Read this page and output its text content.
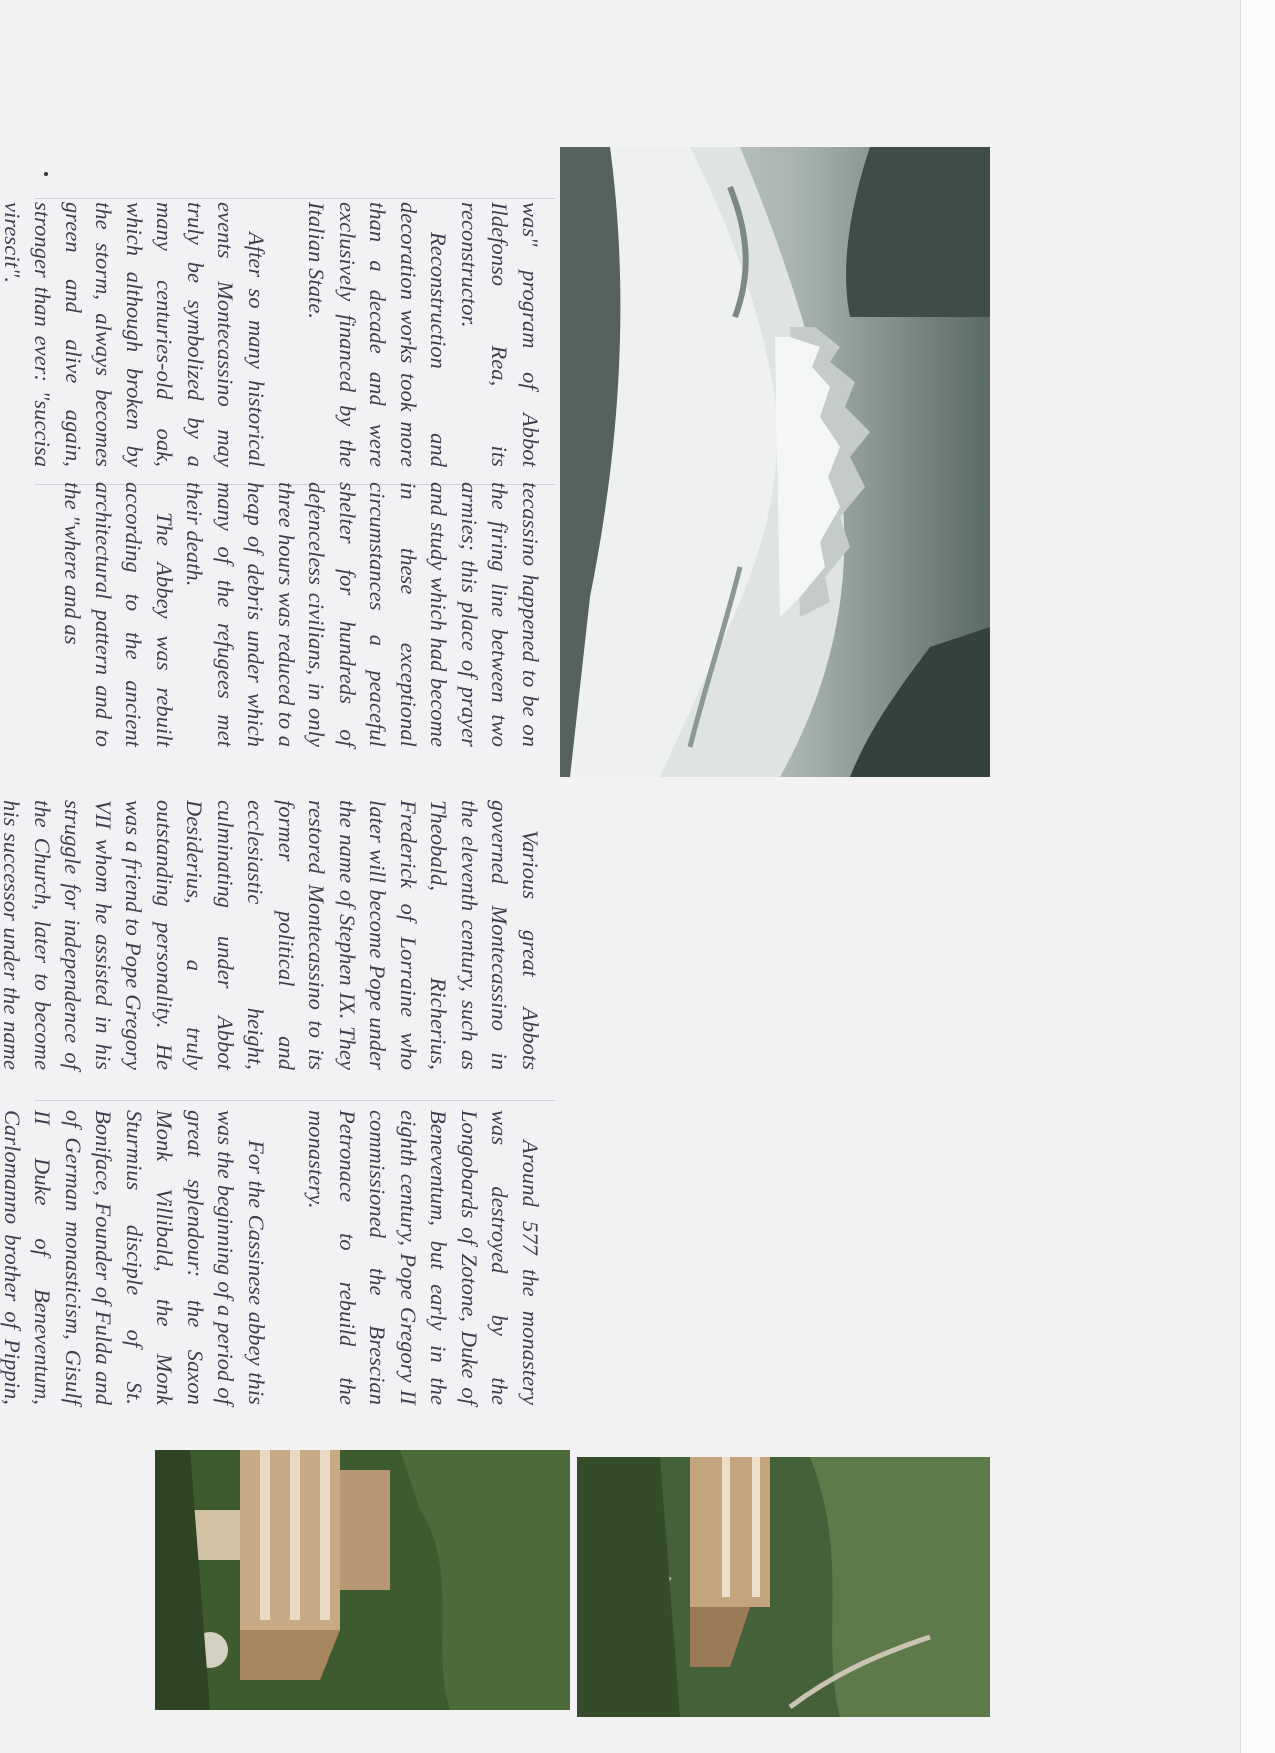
Around 577 the monastery was destroyed by the Longobards of Zotone, Duke of Beneventum, but early in the eighth century, Pope Gregory II commissioned the Brescian Petronace to rebuild the monastery.

For the Cassinese abbey this was the beginning of a period of great splendour: the Saxon Monk Villibald, the Monk Sturmius disciple of St. Boniface, Founder of Fulda and of German monasticism, Gisulf II Duke of Beneventum, Carlomanno brother of Pippin,

Various great Abbots governed Montecassino in the eleventh century, such as Theobald, Richerius, Frederick of Lorraine who later will become Pope under the name of Stephen IX. They restored Montecassino to its former political and ecclesiastic height, culminating under Abbot Desiderius, a truly outstanding personality. He was a friend to Pope Gregory VII whom he assisted in his struggle for independence of the Church, later to become his successor under the name

tecassino happened to be on the firing line between two armies; this place of prayer and study which had become in these exceptional circumstances a peaceful shelter for hundreds of defenceless civilians, in only three hours was reduced to a heap of debris under which many of the refugees met their death.

The Abbey was rebuilt according to the ancient architectural pattern and to the "where and as

was" program of Abbot Ildefonso Rea, its reconstructor.

Reconstruction and decoration works took more than a decade and were exclusively financed by the Italian State.

After so many historical events Montecassino may truly be symbolized by a many centuries-old oak, which although broken by the storm, always becomes green and alive again, stronger than ever: "succisa virescit".
